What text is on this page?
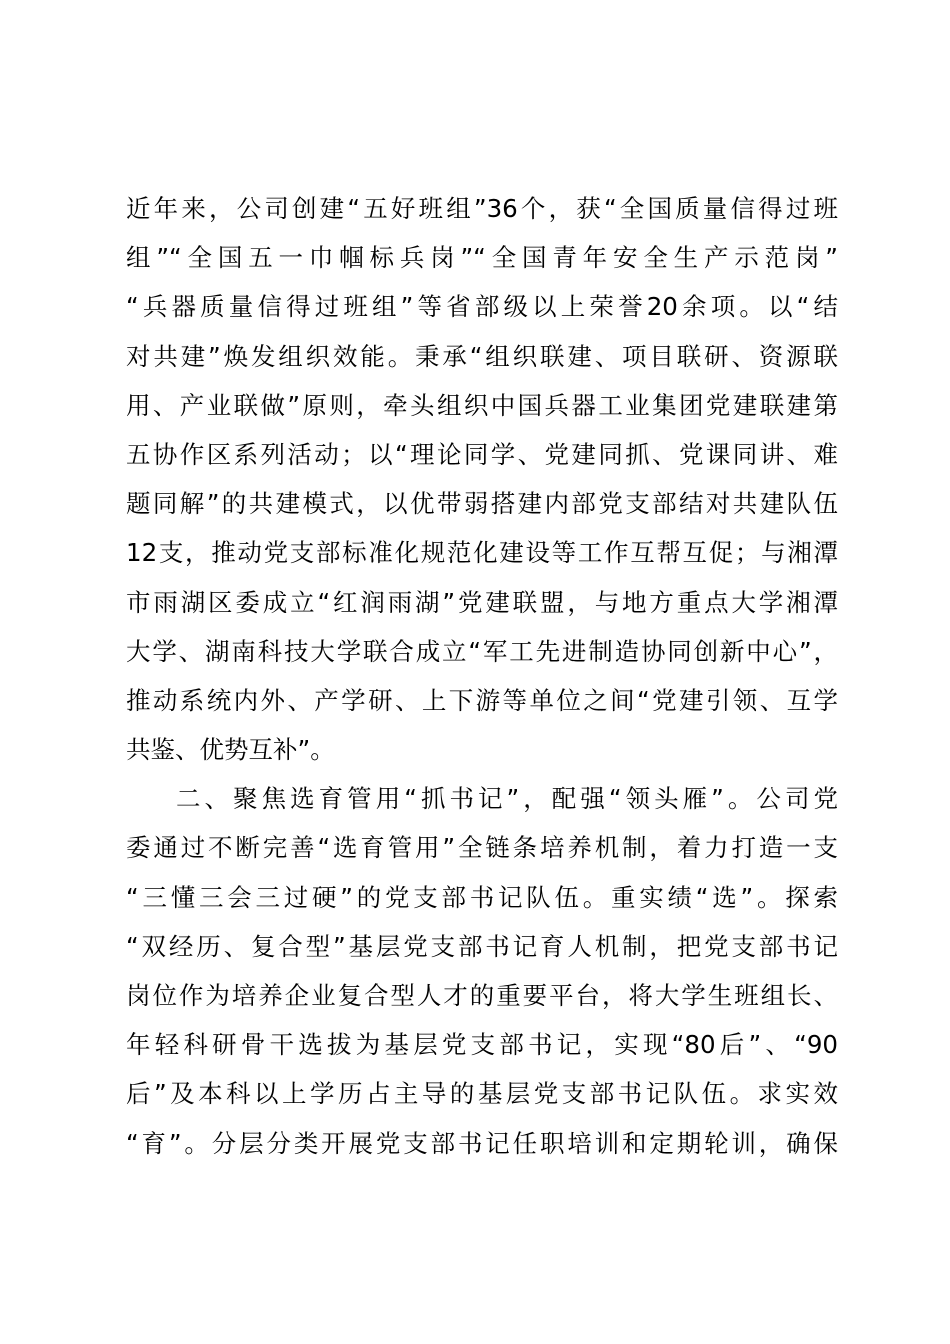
近年来，公司创建“五好班组”36个，获“全国质量信得过班
组”“全国五一巾帼标兵岗”“全国青年安全生产示范岗”
“兵器质量信得过班组”等省部级以上荣誉20余项。以“结
对共建”焕发组织效能。秉承“组织联建、项目联研、资源联
用、产业联做”原则，牵头组织中国兵器工业集团党建联建第
五协作区系列活动；以“理论同学、党建同抓、党课同讲、难
题同解”的共建模式，以优带弱搭建内部党支部结对共建队伍
12支，推动党支部标准化规范化建设等工作互帮互促；与湘潭
市雨湖区委成立“红润雨湖”党建联盟，与地方重点大学湘潭
大学、湖南科技大学联合成立“军工先进制造协同创新中心”，
推动系统内外、产学研、上下游等单位之间“党建引领、互学
共鉴、优势互补”。
二、聚焦选育管用“抓书记”，配强“领头雁”。公司党
委通过不断完善“选育管用”全链条培养机制，着力打造一支
“三懂三会三过硬”的党支部书记队伍。重实绩“选”。探索
“双经历、复合型”基层党支部书记育人机制，把党支部书记
岗位作为培养企业复合型人才的重要平台，将大学生班组长、
年轻科研骨干选拔为基层党支部书记，实现“80后”、“90
后”及本科以上学历占主导的基层党支部书记队伍。求实效
“育”。分层分类开展党支部书记任职培训和定期轮训，确保
